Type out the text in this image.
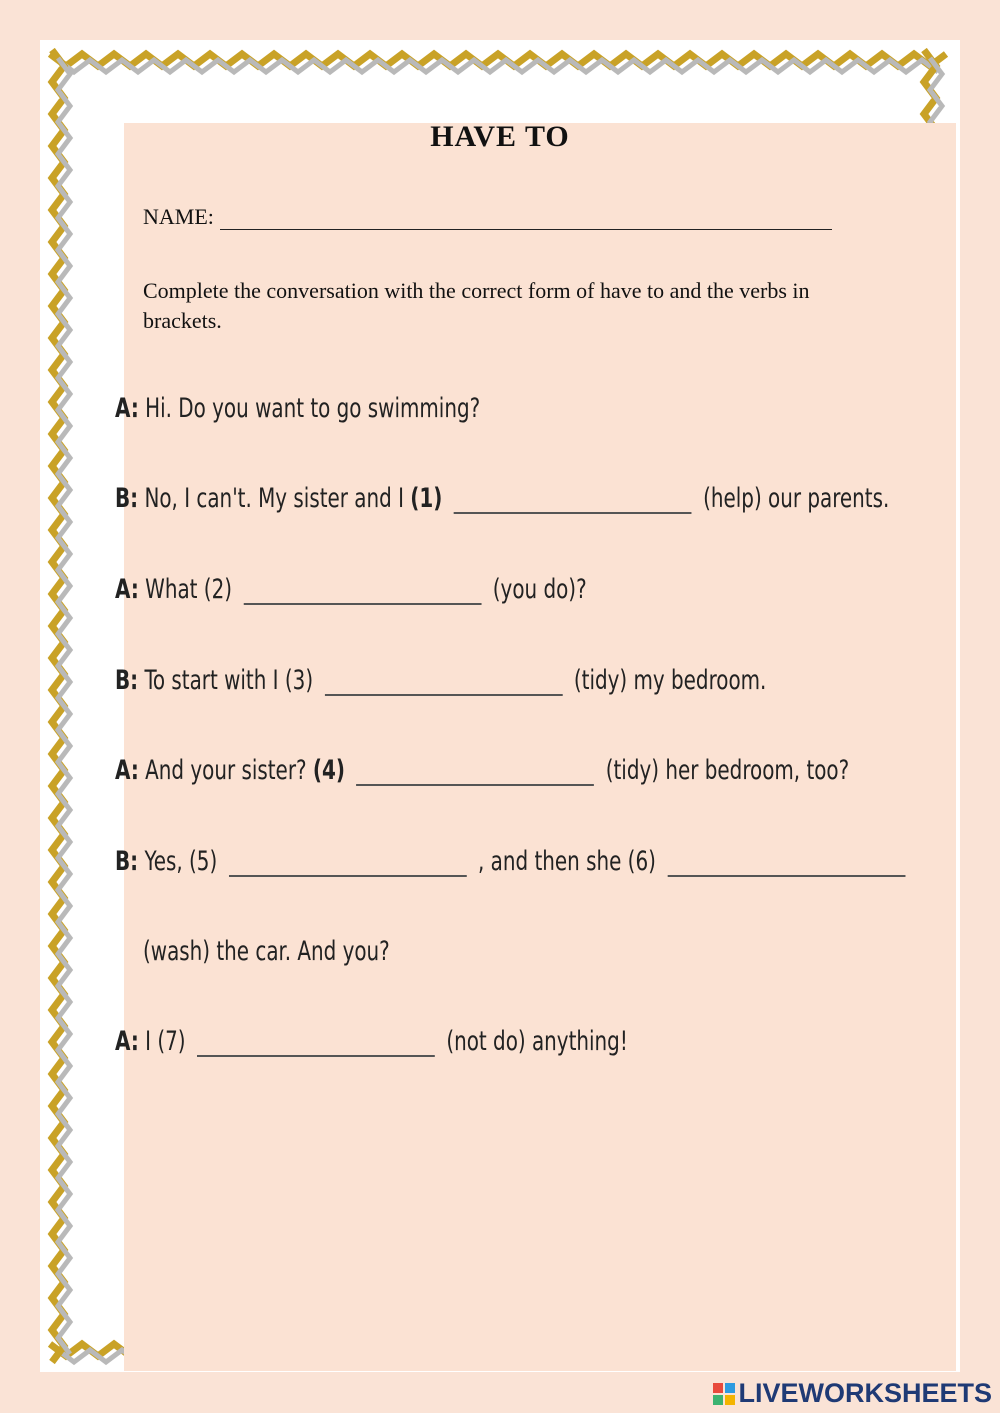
HAVE TO
NAME:
Complete the conversation with the correct form of have to and the verbs in brackets.
A: Hi. Do you want to go swimming?
B: No, I can't. My sister and I (1)	(help) our parents.
A: What (2)	(you do)?
B: To start with I (3)	(tidy) my bedroom.
A: And your sister? (4)	(tidy) her bedroom, too?
B: Yes, (5)	, and then she (6)
(wash) the car. And you?
A: I (7)	(not do) anything!
LIVEWORKSHEETS
